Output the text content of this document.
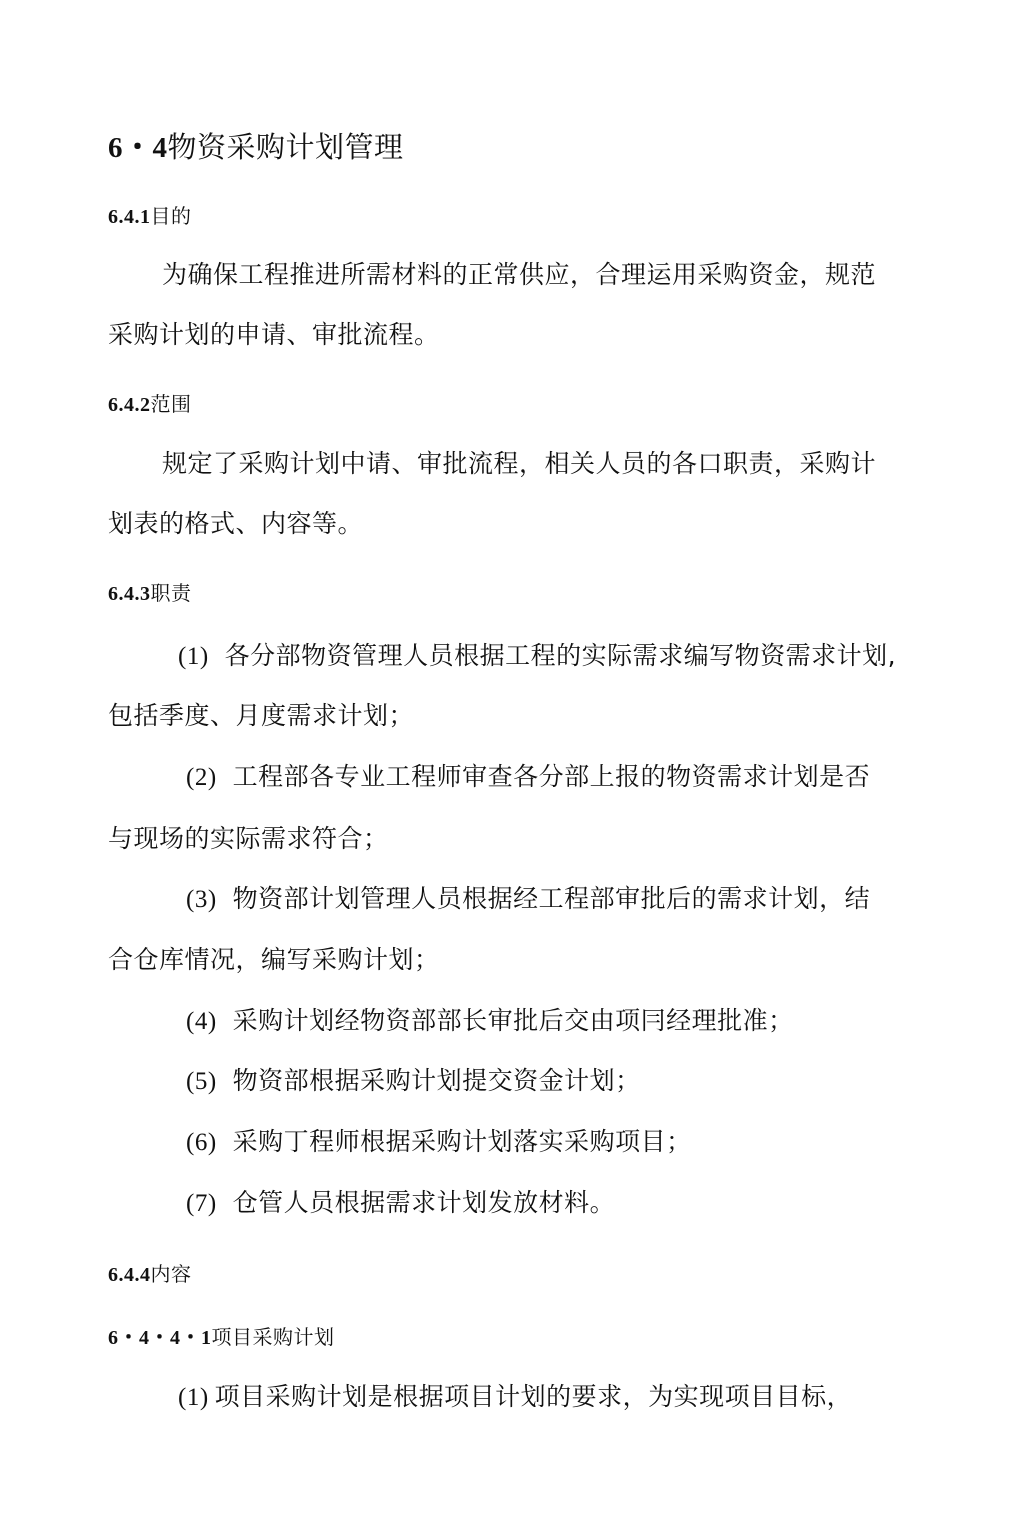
6・4物资采购计划管理
6.4.1目的
为确保工程推进所需材料的正常供应，合理运用采购资金，规范
采购计划的申请、审批流程。
6.4.2范围
规定了采购计划中请、审批流程，相关人员的各口职责，采购计
划表的格式、内容等。
6.4.3职责
(1) 各分部物资管理人员根据工程的实际需求编写物资需求计划,
包括季度、月度需求计划；
(2) 工程部各专业工程师审查各分部上报的物资需求计划是否
与现场的实际需求符合；
(3) 物资部计划管理人员根据经工程部审批后的需求计划，结
合仓库情况，编写采购计划；
(4) 采购计划经物资部部长审批后交由项冃经理批准；
(5) 物资部根据采购计划提交资金计划；
(6) 采购丁程师根据采购计划落实采购项目；
(7) 仓管人员根据需求计划发放材料。
6.4.4内容
6・4・4・1项目采购计划
(1) 项目采购计划是根据项目计划的要求，为实现项目目标，
